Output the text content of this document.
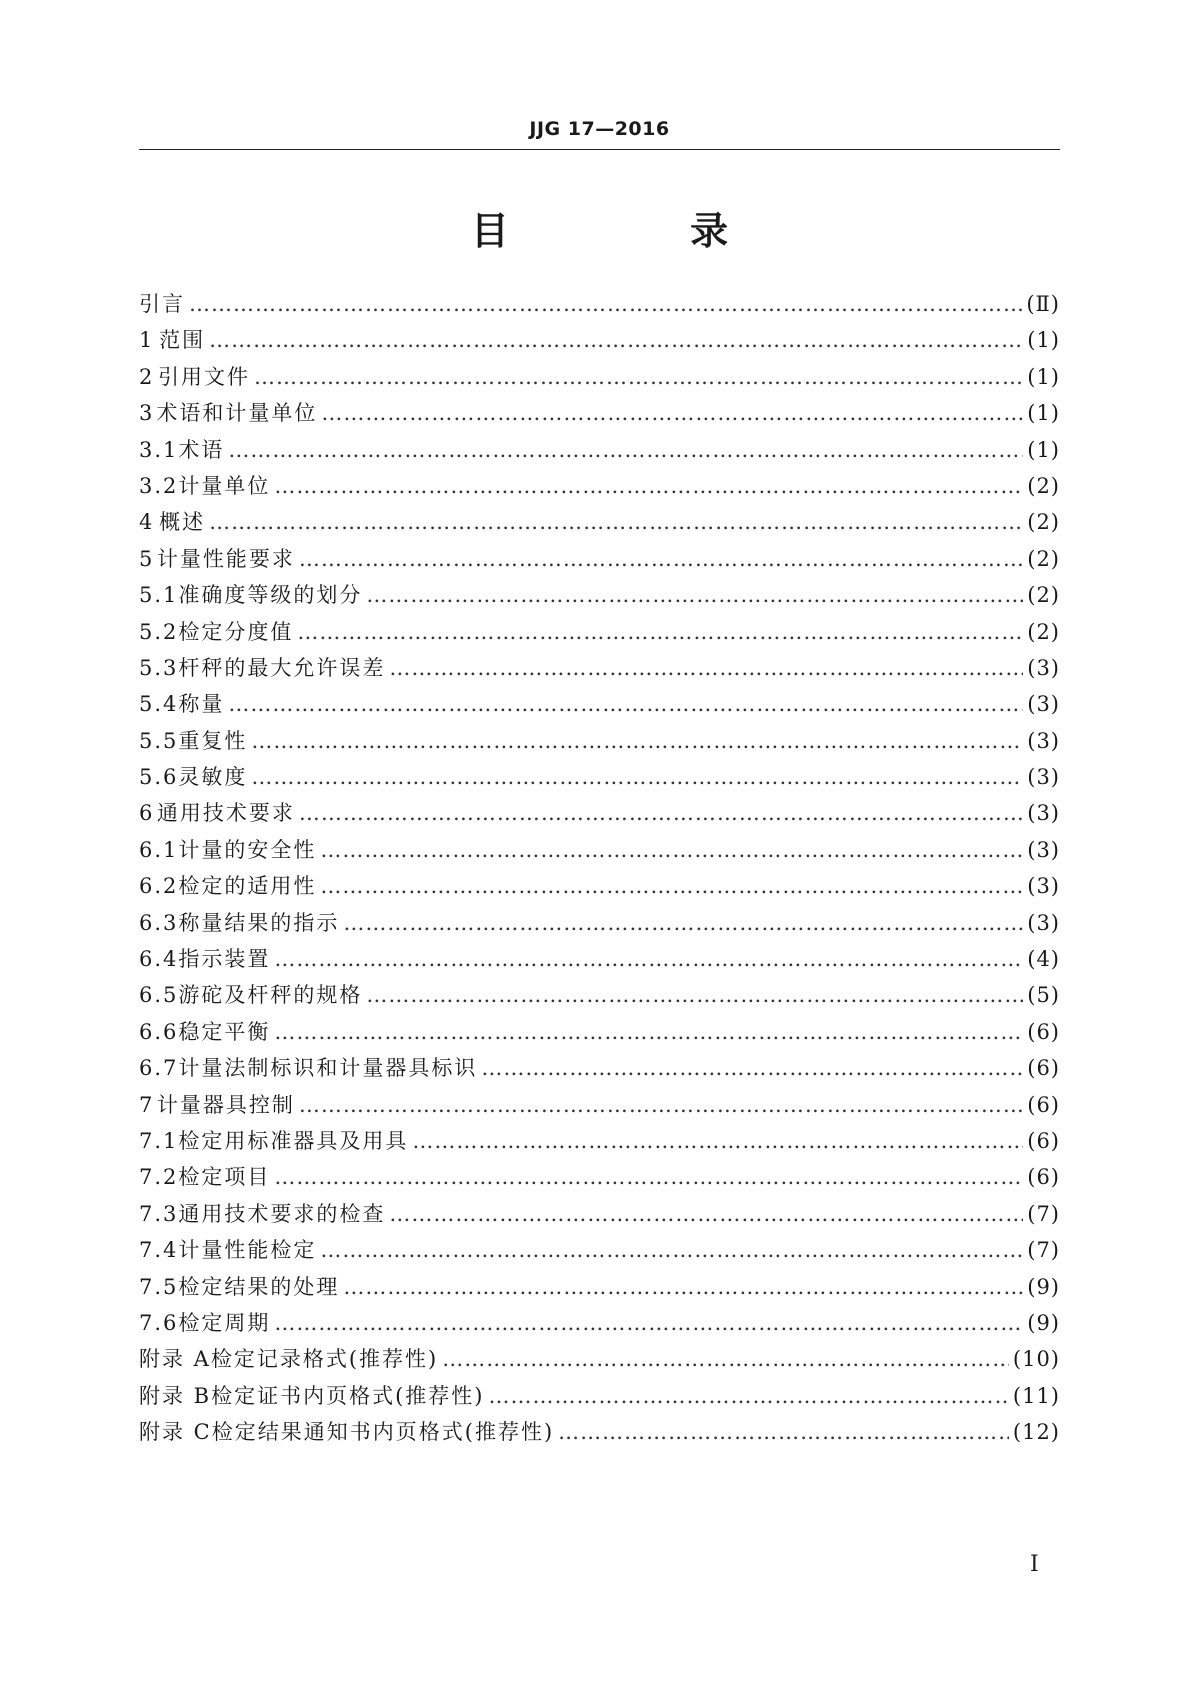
JJG 17—2016
目 录
引言 ……………………………………………………………………………………………………………………………………………………………………………………	(Ⅱ)
1 范围 ……………………………………………………………………………………………………………………………………………………………………………………	(1)
2 引用文件 ……………………………………………………………………………………………………………………………………………………………………………………	(1)
3 术语和计量单位 ……………………………………………………………………………………………………………………………………………………………………………………	(1)
3.1 术语 ……………………………………………………………………………………………………………………………………………………………………………………	(1)
3.2 计量单位 ……………………………………………………………………………………………………………………………………………………………………………………	(2)
4 概述 ……………………………………………………………………………………………………………………………………………………………………………………	(2)
5 计量性能要求 ……………………………………………………………………………………………………………………………………………………………………………………	(2)
5.1 准确度等级的划分 ……………………………………………………………………………………………………………………………………………………………………………………	(2)
5.2 检定分度值 ……………………………………………………………………………………………………………………………………………………………………………………	(2)
5.3 杆秤的最大允许误差 ……………………………………………………………………………………………………………………………………………………………………………………	(3)
5.4 称量 ……………………………………………………………………………………………………………………………………………………………………………………	(3)
5.5 重复性 ……………………………………………………………………………………………………………………………………………………………………………………	(3)
5.6 灵敏度 ……………………………………………………………………………………………………………………………………………………………………………………	(3)
6 通用技术要求 ……………………………………………………………………………………………………………………………………………………………………………………	(3)
6.1 计量的安全性 ……………………………………………………………………………………………………………………………………………………………………………………	(3)
6.2 检定的适用性 ……………………………………………………………………………………………………………………………………………………………………………………	(3)
6.3 称量结果的指示 ……………………………………………………………………………………………………………………………………………………………………………………	(3)
6.4 指示装置 ……………………………………………………………………………………………………………………………………………………………………………………	(4)
6.5 游砣及杆秤的规格 ……………………………………………………………………………………………………………………………………………………………………………………	(5)
6.6 稳定平衡 ……………………………………………………………………………………………………………………………………………………………………………………	(6)
6.7 计量法制标识和计量器具标识 ……………………………………………………………………………………………………………………………………………………………………………………	(6)
7 计量器具控制 ……………………………………………………………………………………………………………………………………………………………………………………	(6)
7.1 检定用标准器具及用具 ……………………………………………………………………………………………………………………………………………………………………………………	(6)
7.2 检定项目 ……………………………………………………………………………………………………………………………………………………………………………………	(6)
7.3 通用技术要求的检查 ……………………………………………………………………………………………………………………………………………………………………………………	(7)
7.4 计量性能检定 ……………………………………………………………………………………………………………………………………………………………………………………	(7)
7.5 检定结果的处理 ……………………………………………………………………………………………………………………………………………………………………………………	(9)
7.6 检定周期 ……………………………………………………………………………………………………………………………………………………………………………………	(9)
附录 A 检定记录格式(推荐性) ……………………………………………………………………………………………………………………………………………………………………………………	(10)
附录 B 检定证书内页格式(推荐性) ……………………………………………………………………………………………………………………………………………………………………………………	(11)
附录 C 检定结果通知书内页格式(推荐性) ……………………………………………………………………………………………………………………………………………………………………………………	(12)
I
